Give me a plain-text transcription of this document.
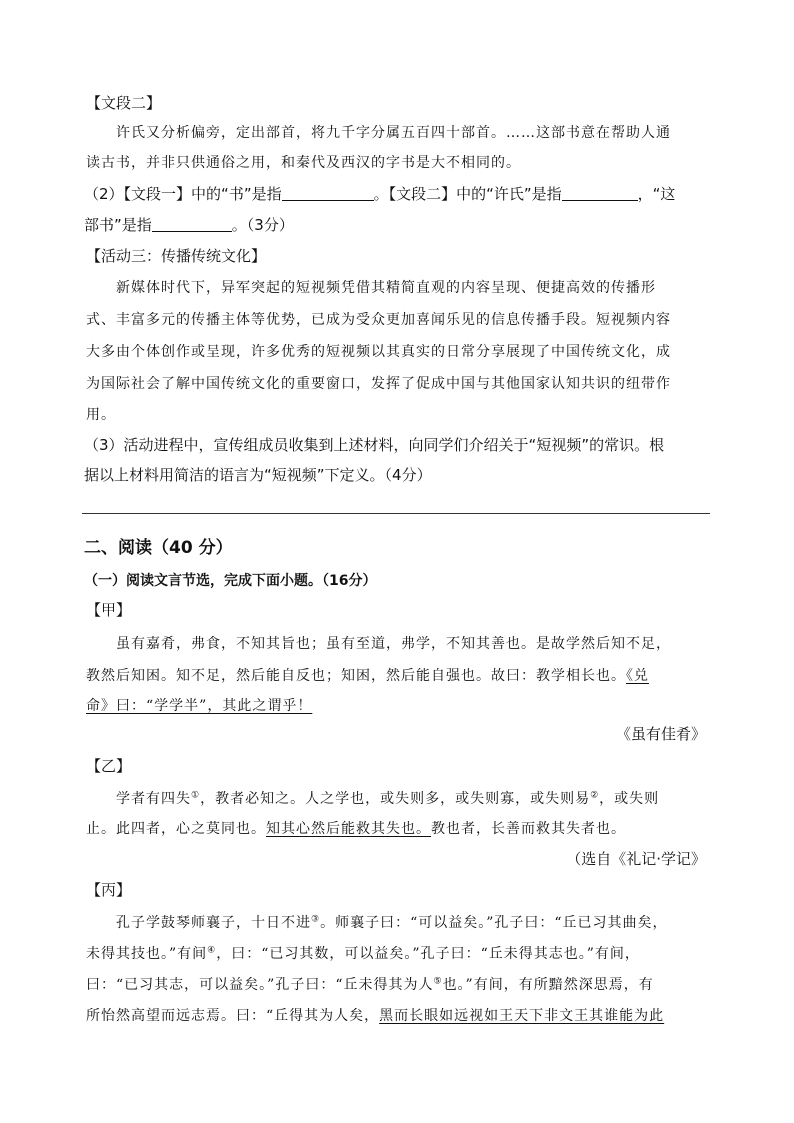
【文段二】
许氏又分析偏旁，定出部首，将九千字分属五百四十部首。……这部书意在帮助人通
读古书，并非只供通俗之用，和秦代及西汉的字书是大不相同的。
（2）【文段一】中的“书”是指	。【文段二】中的“许氏”是指	，“这
部书”是指	。（3分）
【活动三：传播传统文化】
新媒体时代下，异军突起的短视频凭借其精简直观的内容呈现、便捷高效的传播形
式、丰富多元的传播主体等优势，已成为受众更加喜闻乐见的信息传播手段。短视频内容
大多由个体创作或呈现，许多优秀的短视频以其真实的日常分享展现了中国传统文化，成
为国际社会了解中国传统文化的重要窗口，发挥了促成中国与其他国家认知共识的纽带作
用。
（3）活动进程中，宣传组成员收集到上述材料，向同学们介绍关于“短视频”的常识。根
据以上材料用简洁的语言为“短视频”下定义。（4分）
二、阅读（40 分）
（一）阅读文言节选，完成下面小题。（16分）
【甲】
虽有嘉肴，弗食，不知其旨也；虽有至道，弗学，不知其善也。是故学然后知不足，
教然后知困。知不足，然后能自反也；知困，然后能自强也。故曰：教学相长也。《兑
命》曰：“学学半”，其此之谓乎！
《虽有佳肴》
【乙】
学者有四失①，教者必知之。人之学也，或失则多，或失则寡，或失则易②，或失则
止。此四者，心之莫同也。知其心然后能救其失也。教也者，长善而救其失者也。
（选自《礼记·学记》
【丙】
孔子学鼓琴师襄子，十日不进③。师襄子曰：“可以益矣。”孔子曰：“丘已习其曲矣，
未得其技也。”有间④，曰：“已习其数，可以益矣。”孔子曰：“丘未得其志也。”有间，
曰：“已习其志，可以益矣。”孔子曰：“丘未得其为人⑤也。”有间，有所黯然深思焉，有
所怡然高望而远志焉。曰：“丘得其为人矣，黑而长眼如远视如王天下非文王其谁能为此
